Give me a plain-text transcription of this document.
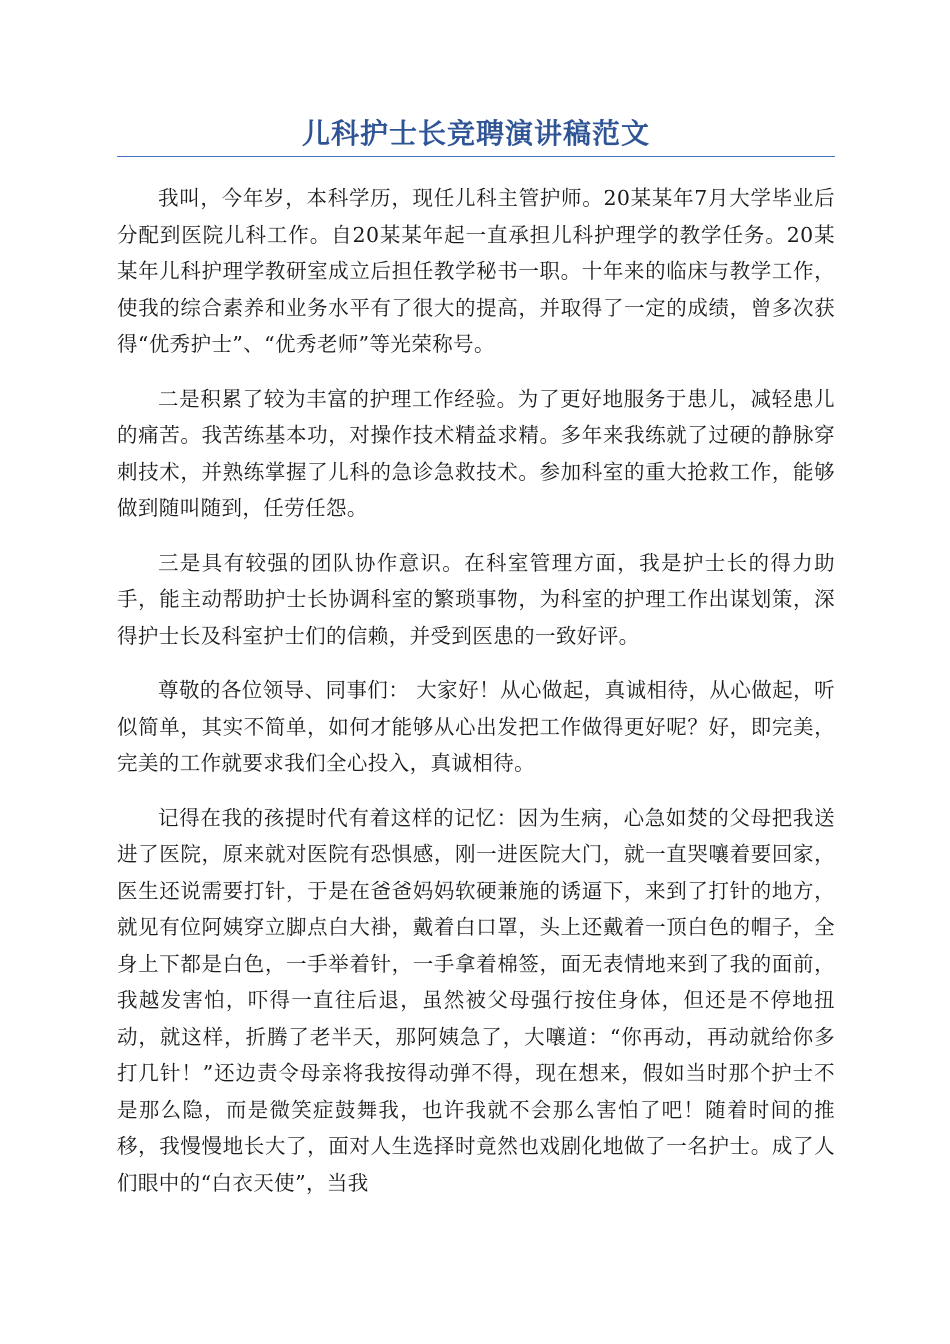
儿科护士长竞聘演讲稿范文

我叫，今年岁，本科学历，现任儿科主管护师。20某某年7月大学毕业后分配到医院儿科工作。自20某某年起一直承担儿科护理学的教学任务。20某某年儿科护理学教研室成立后担任教学秘书一职。十年来的临床与教学工作，使我的综合素养和业务水平有了很大的提高，并取得了一定的成绩，曾多次获得“优秀护士”、“优秀老师”等光荣称号。

二是积累了较为丰富的护理工作经验。为了更好地服务于患儿，减轻患儿的痛苦。我苦练基本功，对操作技术精益求精。多年来我练就了过硬的静脉穿刺技术，并熟练掌握了儿科的急诊急救技术。参加科室的重大抢救工作，能够做到随叫随到，任劳任怨。

三是具有较强的团队协作意识。在科室管理方面，我是护士长的得力助手，能主动帮助护士长协调科室的繁琐事物，为科室的护理工作出谋划策，深得护士长及科室护士们的信赖，并受到医患的一致好评。

尊敬的各位领导、同事们： 大家好！从心做起，真诚相待，从心做起，听似简单，其实不简单，如何才能够从心出发把工作做得更好呢？好，即完美，完美的工作就要求我们全心投入，真诚相待。

记得在我的孩提时代有着这样的记忆：因为生病，心急如焚的父母把我送进了医院，原来就对医院有恐惧感，刚一进医院大门，就一直哭嚷着要回家，医生还说需要打针，于是在爸爸妈妈软硬兼施的诱逼下，来到了打针的地方，就见有位阿姨穿立脚点白大褂，戴着白口罩，头上还戴着一顶白色的帽子，全身上下都是白色，一手举着针，一手拿着棉签，面无表情地来到了我的面前，我越发害怕，吓得一直往后退，虽然被父母强行按住身体，但还是不停地扭动，就这样，折腾了老半天，那阿姨急了，大嚷道：“你再动，再动就给你多打几针！”还边责令母亲将我按得动弹不得，现在想来，假如当时那个护士不是那么隐，而是微笑症鼓舞我，也许我就不会那么害怕了吧！随着时间的推移，我慢慢地长大了，面对人生选择时竟然也戏剧化地做了一名护士。成了人们眼中的“白衣天使”，当我
